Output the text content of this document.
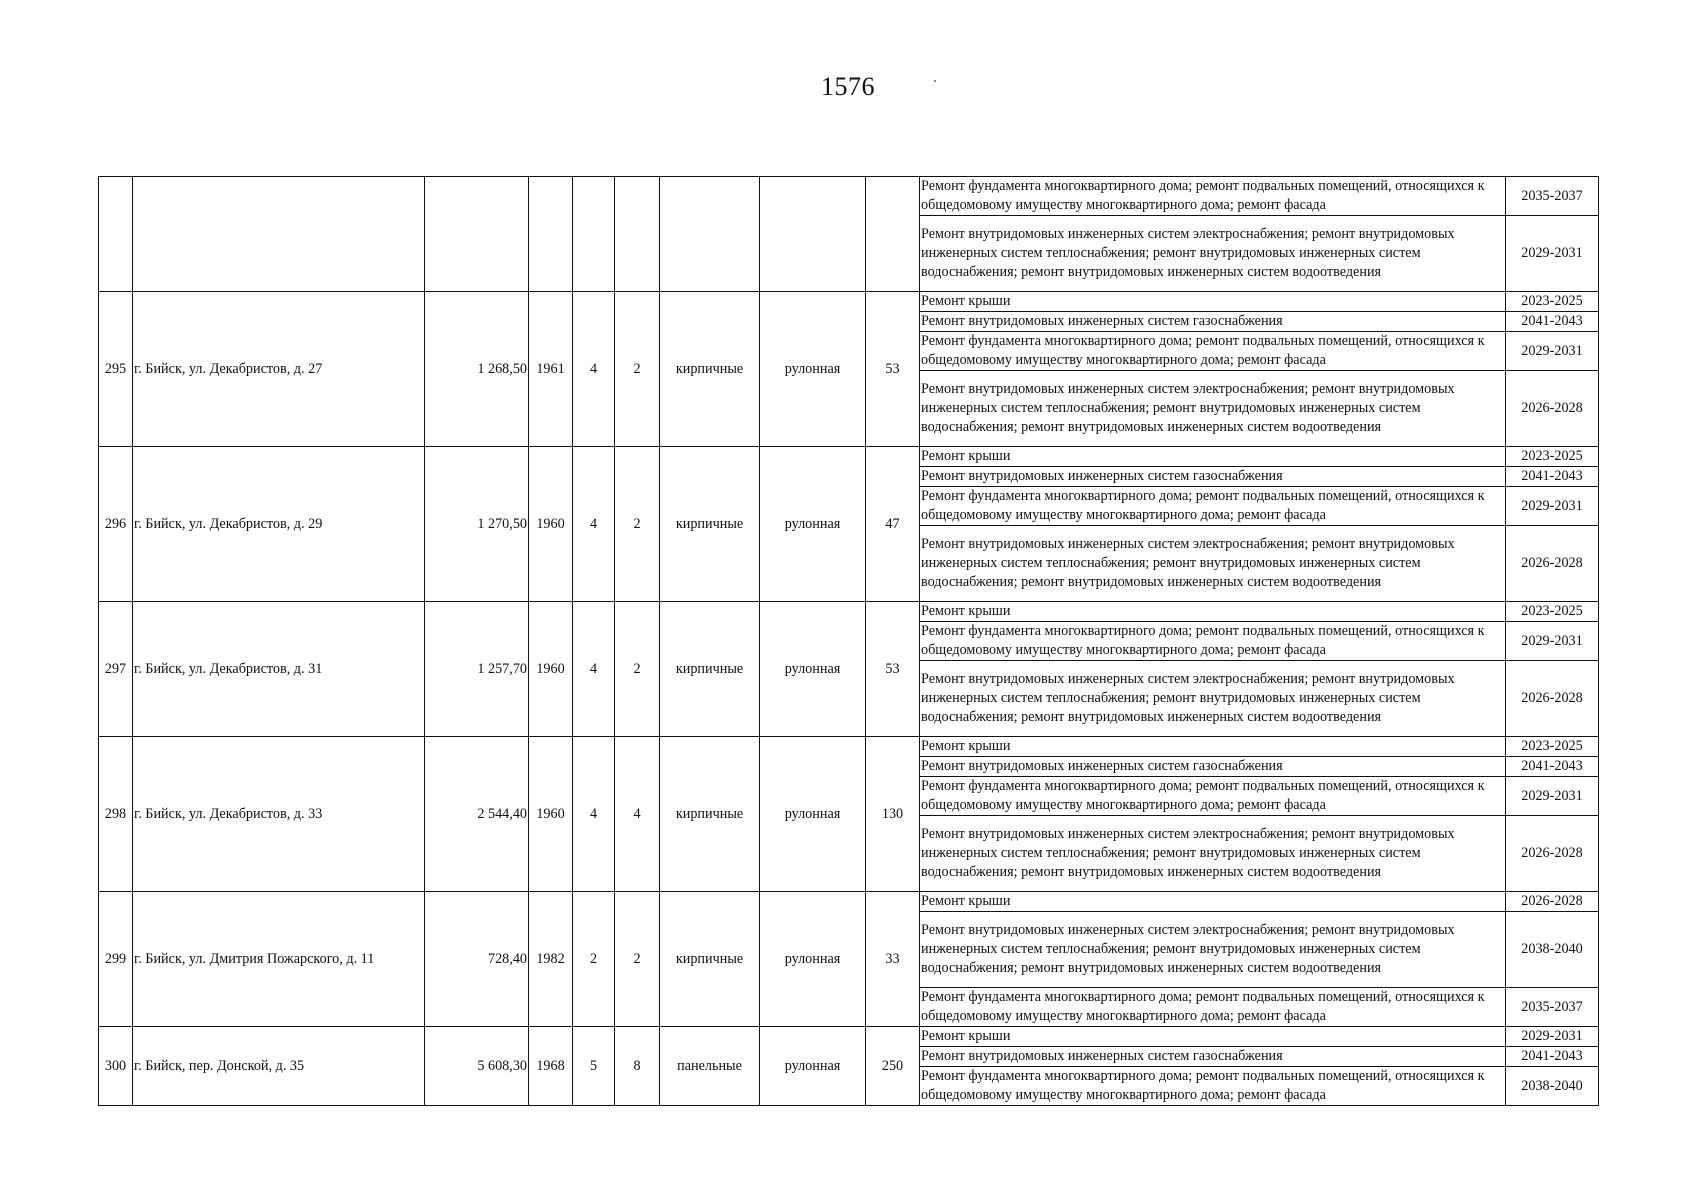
1576
									Ремонт фундамента многоквартирного дома; ремонт подвальных помещений, относящихся к общедомовому имуществу многоквартирного дома; ремонт фасада	2035-2037
									Ремонт внутридомовых инженерных систем электроснабжения; ремонт внутридомовых инженерных систем теплоснабжения; ремонт внутридомовых инженерных систем водоснабжения; ремонт внутридомовых инженерных систем водоотведения	2029-2031
295	г. Бийск, ул. Декабристов, д. 27	1 268,50	1961	4	2	кирпичные	рулонная	53	Ремонт крыши	2023-2025
									Ремонт внутридомовых инженерных систем газоснабжения	2041-2043
									Ремонт фундамента многоквартирного дома; ремонт подвальных помещений, относящихся к общедомовому имуществу многоквартирного дома; ремонт фасада	2029-2031
									Ремонт внутридомовых инженерных систем электроснабжения; ремонт внутридомовых инженерных систем теплоснабжения; ремонт внутридомовых инженерных систем водоснабжения; ремонт внутридомовых инженерных систем водоотведения	2026-2028
296	г. Бийск, ул. Декабристов, д. 29	1 270,50	1960	4	2	кирпичные	рулонная	47	Ремонт крыши	2023-2025
									Ремонт внутридомовых инженерных систем газоснабжения	2041-2043
									Ремонт фундамента многоквартирного дома; ремонт подвальных помещений, относящихся к общедомовому имуществу многоквартирного дома; ремонт фасада	2029-2031
									Ремонт внутридомовых инженерных систем электроснабжения; ремонт внутридомовых инженерных систем теплоснабжения; ремонт внутридомовых инженерных систем водоснабжения; ремонт внутридомовых инженерных систем водоотведения	2026-2028
297	г. Бийск, ул. Декабристов, д. 31	1 257,70	1960	4	2	кирпичные	рулонная	53	Ремонт крыши	2023-2025
									Ремонт фундамента многоквартирного дома; ремонт подвальных помещений, относящихся к общедомовому имуществу многоквартирного дома; ремонт фасада	2029-2031
									Ремонт внутридомовых инженерных систем электроснабжения; ремонт внутридомовых инженерных систем теплоснабжения; ремонт внутридомовых инженерных систем водоснабжения; ремонт внутридомовых инженерных систем водоотведения	2026-2028
298	г. Бийск, ул. Декабристов, д. 33	2 544,40	1960	4	4	кирпичные	рулонная	130	Ремонт крыши	2023-2025
									Ремонт внутридомовых инженерных систем газоснабжения	2041-2043
									Ремонт фундамента многоквартирного дома; ремонт подвальных помещений, относящихся к общедомовому имуществу многоквартирного дома; ремонт фасада	2029-2031
									Ремонт внутридомовых инженерных систем электроснабжения; ремонт внутридомовых инженерных систем теплоснабжения; ремонт внутридомовых инженерных систем водоснабжения; ремонт внутридомовых инженерных систем водоотведения	2026-2028
299	г. Бийск, ул. Дмитрия Пожарского, д. 11	728,40	1982	2	2	кирпичные	рулонная	33	Ремонт крыши	2026-2028
									Ремонт внутридомовых инженерных систем электроснабжения; ремонт внутридомовых инженерных систем теплоснабжения; ремонт внутридомовых инженерных систем водоснабжения; ремонт внутридомовых инженерных систем водоотведения	2038-2040
									Ремонт фундамента многоквартирного дома; ремонт подвальных помещений, относящихся к общедомовому имуществу многоквартирного дома; ремонт фасада	2035-2037
300	г. Бийск, пер. Донской, д. 35	5 608,30	1968	5	8	панельные	рулонная	250	Ремонт крыши	2029-2031
									Ремонт внутридомовых инженерных систем газоснабжения	2041-2043
									Ремонт фундамента многоквартирного дома; ремонт подвальных помещений, относящихся к общедомовому имуществу многоквартирного дома; ремонт фасада	2038-2040
